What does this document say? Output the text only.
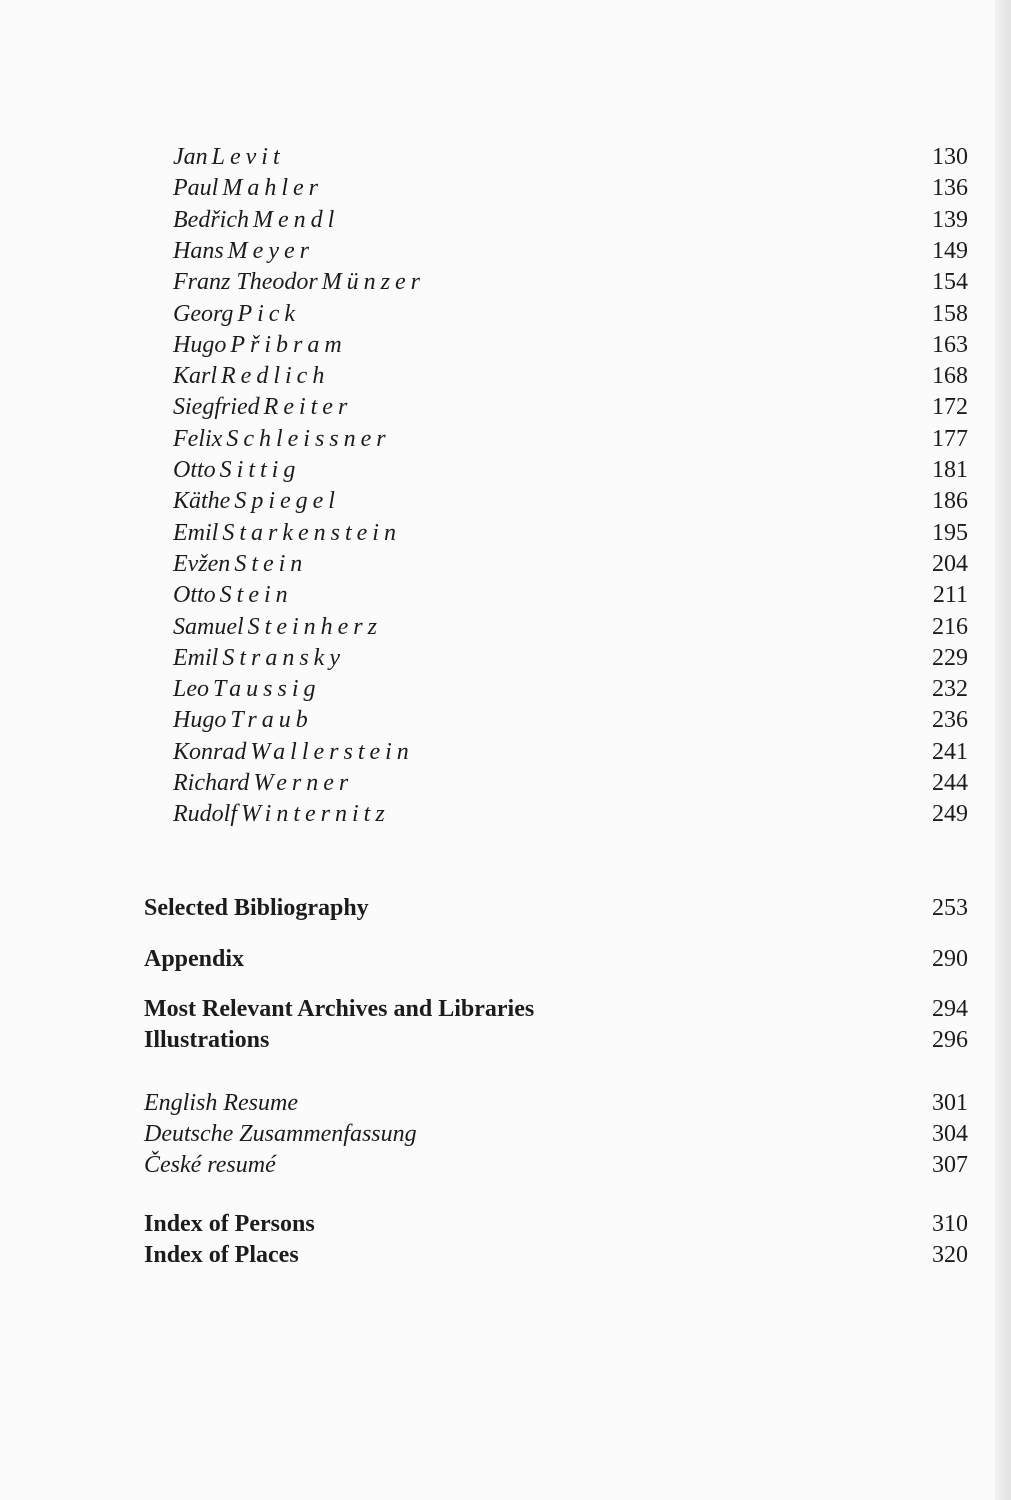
Jan Levit	130
Paul Mahler	136
Bedřich Mendl	139
Hans Meyer	149
Franz Theodor Münzer	154
Georg Pick	158
Hugo Přibram	163
Karl Redlich	168
Siegfried Reiter	172
Felix Schleissner	177
Otto Sittig	181
Käthe Spiegel	186
Emil Starkenstein	195
Evžen Stein	204
Otto Stein	211
Samuel Steinherz	216
Emil Stransky	229
Leo Taussig	232
Hugo Traub	236
Konrad Wallerstein	241
Richard Werner	244
Rudolf Winternitz	249
Selected Bibliography	253
Appendix	290
Most Relevant Archives and Libraries	294
Illustrations	296
English Resume	301
Deutsche Zusammenfassung	304
České resumé	307
Index of Persons	310
Index of Places	320
